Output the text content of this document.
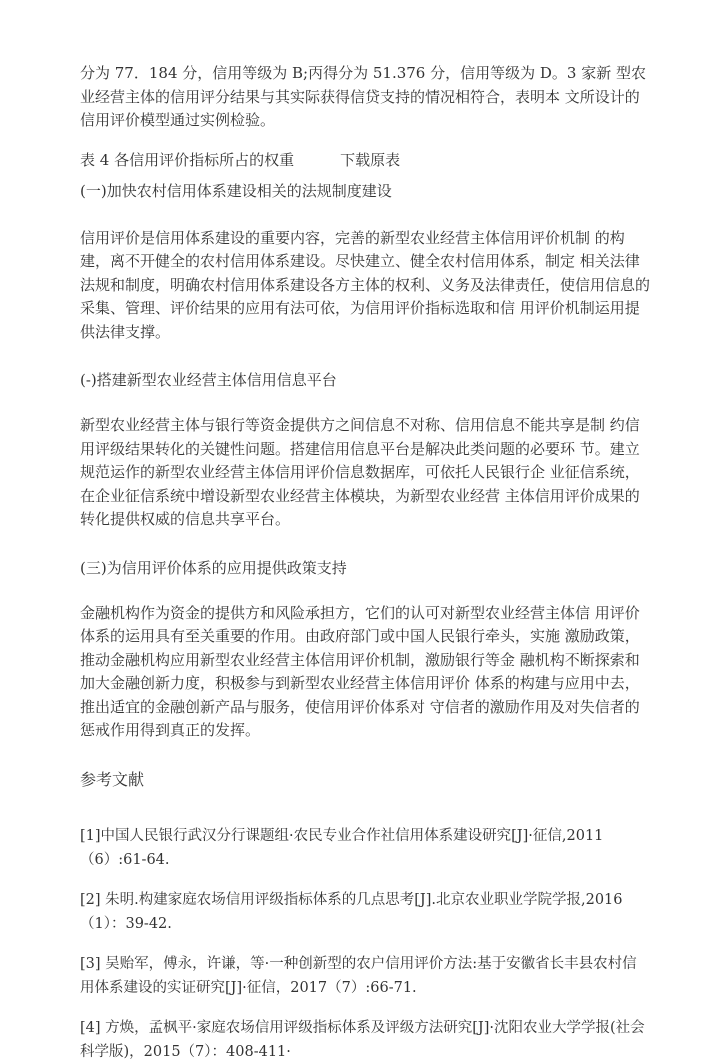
分为 77．184 分，信用等级为 B;丙得分为 51.376 分，信用等级为 D。3 家新 型农业经营主体的信用评分结果与其实际获得信贷支持的情况相符合，表明本 文所设计的信用评价模型通过实例检验。

表 4 各信用评价指标所占的权重	下载原表

(一)加快农村信用体系建设相关的法规制度建设

信用评价是信用体系建设的重要内容，完善的新型农业经营主体信用评价机制 的构建，离不开健全的农村信用体系建设。尽快建立、健全农村信用体系，制定 相关法律法规和制度，明确农村信用体系建设各方主体的权利、义务及法律责任，使信用信息的采集、管理、评价结果的应用有法可依，为信用评价指标选取和信 用评价机制运用提供法律支撑。

(-)搭建新型农业经营主体信用信息平台

新型农业经营主体与银行等资金提供方之间信息不对称、信用信息不能共享是制 约信用评级结果转化的关键性问题。搭建信用信息平台是解决此类问题的必要环 节。建立规范运作的新型农业经营主体信用评价信息数据库，可依托人民银行企 业征信系统，在企业征信系统中增设新型农业经营主体模块，为新型农业经营 主体信用评价成果的转化提供权威的信息共享平台。

(三)为信用评价体系的应用提供政策支持

金融机构作为资金的提供方和风险承担方，它们的认可对新型农业经营主体信 用评价体系的运用具有至关重要的作用。由政府部门或中国人民银行牵头，实施 激励政策，推动金融机构应用新型农业经营主体信用评价机制，激励银行等金 融机构不断探索和加大金融创新力度，积极参与到新型农业经营主体信用评价 体系的构建与应用中去，推出适宜的金融创新产品与服务，使信用评价体系对 守信者的激励作用及对失信者的惩戒作用得到真正的发挥。

参考文献

[1]中国人民银行武汉分行课题组·农民专业合作社信用体系建设研究[J]·征信,2011（6）:61-64.

[2] 朱明.构建家庭农场信用评级指标体系的几点思考[J].北京农业职业学院学报,2016（1）：39-42.

[3] 吴贻军，傅永，许谦，等·一种创新型的农户信用评价方法:基于安徽省长丰县农村信用体系建设的实证研究[J]·征信，2017（7）:66-71.

[4] 方焕，孟枫平·家庭农场信用评级指标体系及评级方法研究[J]·沈阳农业大学学报(社会科学版)，2015（7）：408-411·
